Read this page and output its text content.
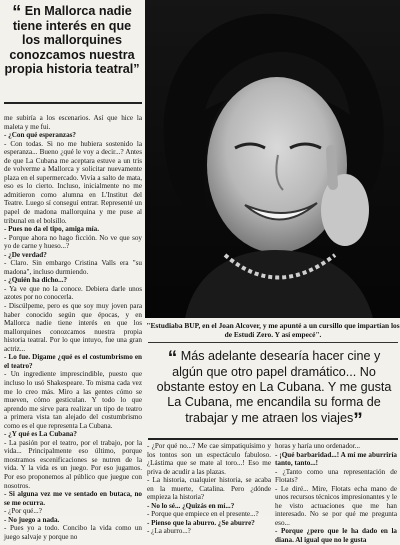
“ En Mallorca nadie tiene interés en que los mallorquines conozcamos nuestra propia historia teatral”

me subiría a los escenarios. Así que hice la maleta y me fui.

- ¿Con qué esperanzas?

- Con todas. Si no me hubiera sostenido la esperanza... Bueno ¿qué le voy a decir...? Antes de que La Cubana me aceptara estuve a un tris de volverme a Mallorca y solicitar nuevamente plaza en el supermercado. Vivía a salto de mata, eso es lo cierto. Incluso, inicialmente no me admitieron como alumna en L'Institut del Teatre. Luego sí conseguí entrar. Representé un papel de madona mallorquina y me puse al tribunal en el bolsillo.

- Pues no da el tipo, amiga mía.

- Porque ahora no hago ficción. No ve que soy yo de carne y hueso...?

- ¿De verdad?

- Claro. Sin embargo Cristina Valls era "su madona", incluso durmiendo.

- ¿Quién ha dicho...?

- Ya ve que no la conoce. Debiera darle unos azotes por no conocerla.

- Discúlpeme, pero es que soy muy joven para haber conocido según que épocas, y en Mallorca nadie tiene interés en que los mallorquines conozcamos nuestra propia historia teatral. Por lo que intuyo, fue una gran actriz...

- Lo fue. Digame ¿qué es el costumbrismo en el teatro?

- Un ingrediente imprescindible, puesto que incluso lo usó Shakespeare. To misma cada vez me lo creo más. Miro a las gentes cómo se mueven, cómo gesticulan. Y todo lo que aprendo me sirve para realizar un tipo de teatro a primera vista tan alejado del costumbrismo como es el que representa La Cubana.

- ¿Y qué es La Cubana?

- La pasión por el teatro, por el trabajo, por la vida... Principalmente eso último, porque mostramos escenificaciones se nutren de la vida. Y la vida es un juego. Por eso jugamos. Por eso proponemos al público que juegue con nosotros.

- Si alguna vez me ve sentado en butaca, no se me ocurra.

- ¿Por qué...?

- No juego a nada.

- Pues yo a todo. Concibo la vida como un juego salvaje y porque no

"Estudiaba BUP, en el Joan Alcover, y me apunté a un cursillo que impartían los de Estudi Zero. Y así empecé".
“ Más adelante desearía hacer cine y algún que otro papel dramático... No obstante estoy en La Cubana. Y me gusta La Cubana, me encandila su forma de trabajar y me atraen los viajes”

- ¿Por qué no...? Me cae simpatiquísimo y los tontos son un espectáculo fabuloso. ¿Lástima que se mate al toro...! Eso me priva de acudir a las plazas.

- La historia, cualquier historia, se acaba en la muerte, Catalina. Pero ¿dónde empieza la historia?

- No lo sé... ¿Quizás en mí...?

- Porque que empiece en el presente...?

- Pienso que la aburro. ¿Se aburre?

- ¿La aburro...?

horas y haría uno ordenador...

- ¡Qué barbaridad...! A mí me aburriría tanto, tanto...!

- ¿Tanto como una representación de Flotats?

- Le diré... Mire, Flotats echa mano de unos recursos técnicos impresionantes y le he visto actuaciones que me han interesado. No se por qué me pregunta eso...

- Porque ¿pero que le ha dado en la diana. Al igual que no le gusta
